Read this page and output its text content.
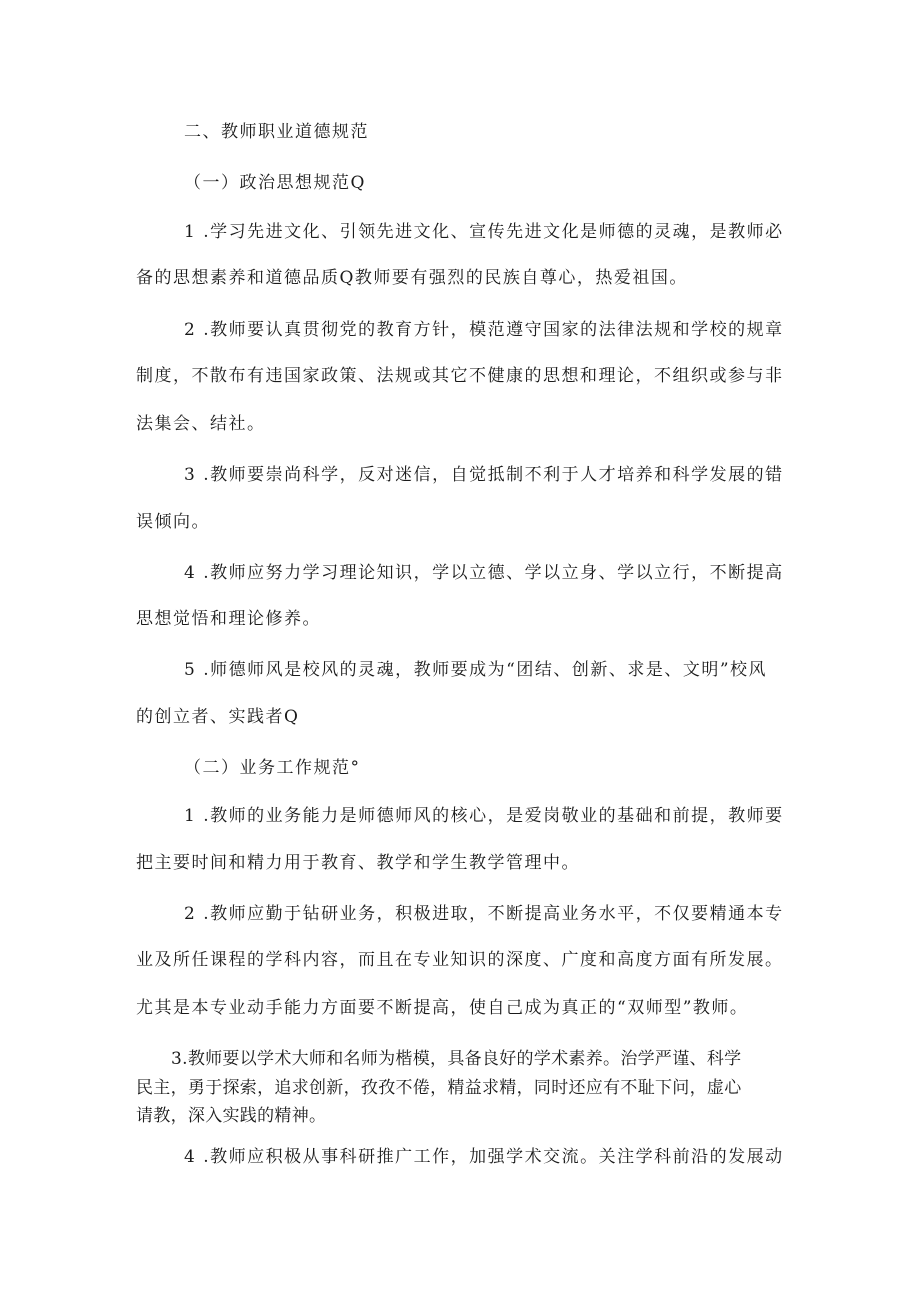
二、教师职业道德规范
（一）政治思想规范Q
1 .学习先进文化、引领先进文化、宣传先进文化是师德的灵魂，是教师必
备的思想素养和道德品质Q教师要有强烈的民族自尊心，热爱祖国。
2 .教师要认真贯彻党的教育方针，模范遵守国家的法律法规和学校的规章
制度，不散布有违国家政策、法规或其它不健康的思想和理论，不组织或参与非
法集会、结社。
3 .教师要崇尚科学，反对迷信，自觉抵制不利于人才培养和科学发展的错
误倾向。
4 .教师应努力学习理论知识，学以立德、学以立身、学以立行，不断提高
思想觉悟和理论修养。
5 .师德师风是校风的灵魂，教师要成为“团结、创新、求是、文明”校风
的创立者、实践者Q
（二）业务工作规范°
1 .教师的业务能力是师德师风的核心，是爱岗敬业的基础和前提，教师要
把主要时间和精力用于教育、教学和学生教学管理中。
2 .教师应勤于钻研业务，积极进取，不断提高业务水平，不仅要精通本专
业及所任课程的学科内容，而且在专业知识的深度、广度和高度方面有所发展。
尤其是本专业动手能力方面要不断提高，使自己成为真正的“双师型”教师。
3.教师要以学术大师和名师为楷模，具备良好的学术素养。治学严谨、科学
民主，勇于探索，追求创新，孜孜不倦，精益求精，同时还应有不耻下问，虚心
请教，深入实践的精神。
4 .教师应积极从事科研推广工作，加强学术交流。关注学科前沿的发展动
